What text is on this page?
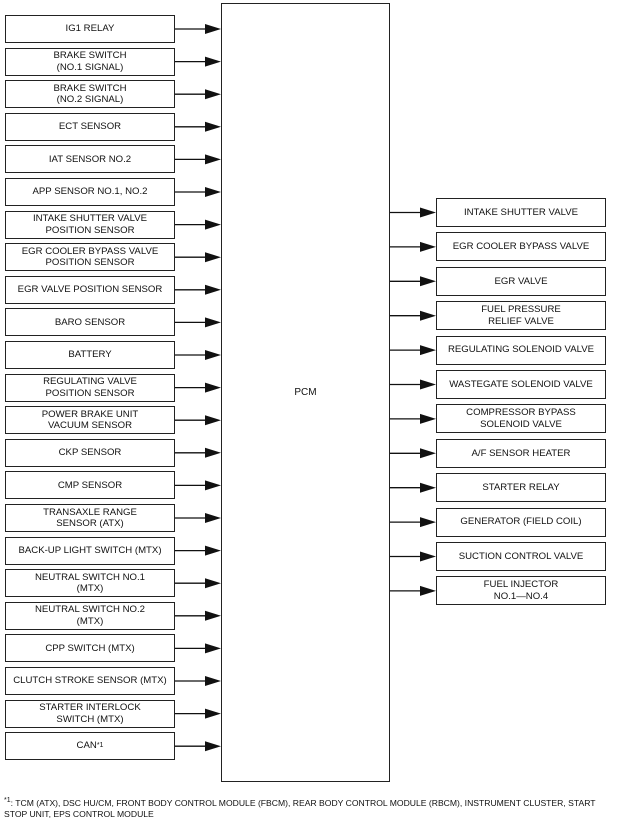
PCM
IG1 RELAY
BRAKE SWITCH
(NO.1 SIGNAL)
BRAKE SWITCH
(NO.2 SIGNAL)
ECT SENSOR
IAT SENSOR NO.2
APP SENSOR NO.1, NO.2
INTAKE SHUTTER VALVE
POSITION SENSOR
EGR COOLER BYPASS VALVE
POSITION SENSOR
EGR VALVE POSITION SENSOR
BARO SENSOR
BATTERY
REGULATING VALVE
POSITION SENSOR
POWER BRAKE UNIT
VACUUM SENSOR
CKP SENSOR
CMP SENSOR
TRANSAXLE RANGE
SENSOR (ATX)
BACK-UP LIGHT SWITCH (MTX)
NEUTRAL SWITCH NO.1
(MTX)
NEUTRAL SWITCH NO.2
(MTX)
CPP SWITCH (MTX)
CLUTCH STROKE SENSOR (MTX)
STARTER INTERLOCK
SWITCH (MTX)
CAN *1
INTAKE SHUTTER VALVE
EGR COOLER BYPASS VALVE
EGR VALVE
FUEL PRESSURE
RELIEF VALVE
REGULATING SOLENOID VALVE
WASTEGATE SOLENOID VALVE
COMPRESSOR BYPASS
SOLENOID VALVE
A/F SENSOR HEATER
STARTER RELAY
GENERATOR (FIELD COIL)
SUCTION CONTROL VALVE
FUEL INJECTOR
NO.1—NO.4
$^{*1}$: TCM (ATX), DSC HU/CM, FRONT BODY CONTROL MODULE (FBCM), REAR BODY CONTROL MODULE (RBCM), INSTRUMENT CLUSTER, START STOP UNIT, EPS CONTROL MODULE
